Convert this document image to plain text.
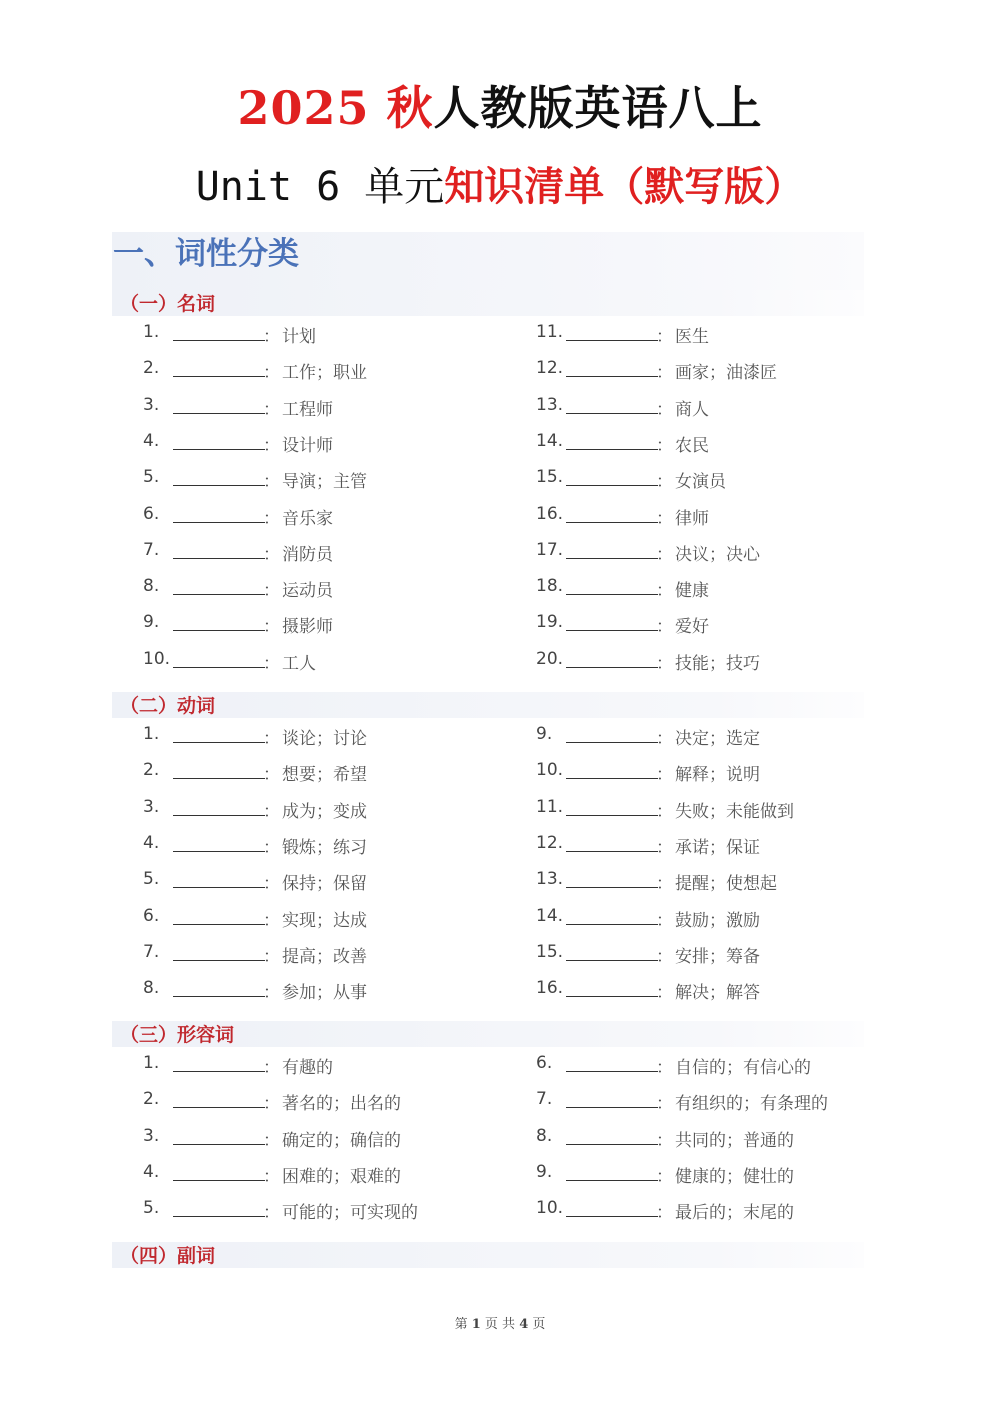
2025 秋人教版英语八上
Unit 6 单元知识清单（默写版）
一、词性分类
（一）名词
1.	： 计划
2.	： 工作；职业
3.	： 工程师
4.	： 设计师
5.	： 导演；主管
6.	： 音乐家
7.	： 消防员
8.	： 运动员
9.	： 摄影师
10.	： 工人
11.	： 医生
12.	： 画家；油漆匠
13.	： 商人
14.	： 农民
15.	： 女演员
16.	： 律师
17.	： 决议；决心
18.	： 健康
19.	： 爱好
20.	： 技能；技巧
（二）动词
1.	： 谈论；讨论
2.	： 想要；希望
3.	： 成为；变成
4.	： 锻炼；练习
5.	： 保持；保留
6.	： 实现；达成
7.	： 提高；改善
8.	： 参加；从事
9.	： 决定；选定
10.	： 解释；说明
11.	： 失败；未能做到
12.	： 承诺；保证
13.	： 提醒；使想起
14.	： 鼓励；激励
15.	： 安排；筹备
16.	： 解决；解答
（三）形容词
1.	： 有趣的
2.	： 著名的；出名的
3.	： 确定的；确信的
4.	： 困难的；艰难的
5.	： 可能的；可实现的
6.	： 自信的；有信心的
7.	： 有组织的；有条理的
8.	： 共同的；普通的
9.	： 健康的；健壮的
10.	： 最后的；末尾的
（四）副词
第 1 页 共 4 页
